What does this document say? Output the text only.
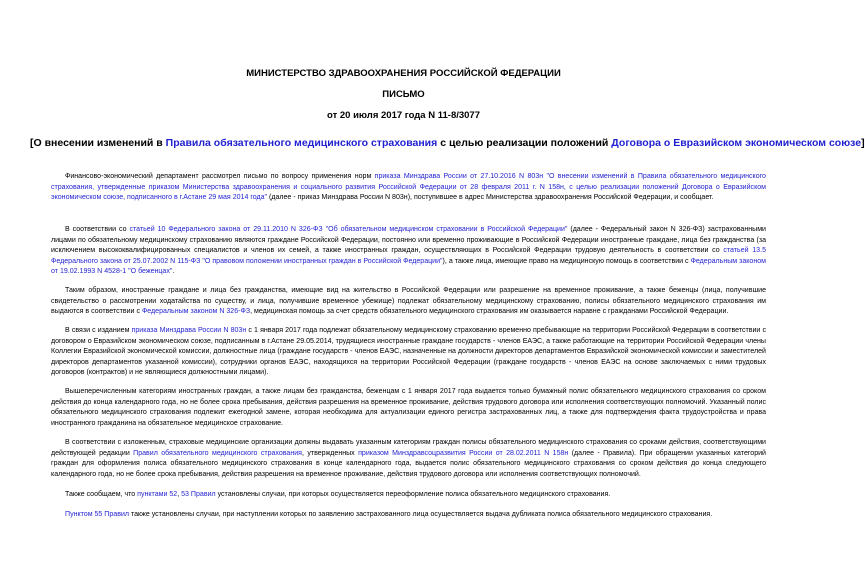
МИНИСТЕРСТВО ЗДРАВООХРАНЕНИЯ РОССИЙСКОЙ ФЕДЕРАЦИИ
ПИСЬМО
от 20 июля 2017 года N 11-8/3077
[О внесении изменений в Правила обязательного медицинского страхования с целью реализации положений Договора о Евразийском экономическом союзе]
Финансово-экономический департамент рассмотрел письмо по вопросу применения норм приказа Минздрава России от 27.10.2016 N 803н "О внесении изменений в Правила обязательного медицинского страхования, утвержденные приказом Министерства здравоохранения и социального развития Российской Федерации от 28 февраля 2011 г. N 158н, с целью реализации положений Договора о Евразийском экономическом союзе, подписанного в г.Астане 29 мая 2014 года" (далее - приказ Минздрава России N 803н), поступившее в адрес Министерства здравоохранения Российской Федерации, и сообщает.
В соответствии со статьей 10 Федерального закона от 29.11.2010 N 326-ФЗ "Об обязательном медицинском страховании в Российской Федерации" (далее - Федеральный закон N 326-ФЗ) застрахованными лицами по обязательному медицинскому страхованию являются граждане Российской Федерации, постоянно или временно проживающие в Российской Федерации иностранные граждане, лица без гражданства (за исключением высококвалифицированных специалистов и членов их семей, а также иностранных граждан, осуществляющих в Российской Федерации трудовую деятельность в соответствии со статьей 13.5 Федерального закона от 25.07.2002 N 115-ФЗ "О правовом положении иностранных граждан в Российской Федерации"), а также лица, имеющие право на медицинскую помощь в соответствии с Федеральным законом от 19.02.1993 N 4528-1 "О беженцах".
Таким образом, иностранные граждане и лица без гражданства, имеющие вид на жительство в Российской Федерации или разрешение на временное проживание, а также беженцы (лица, получившие свидетельство о рассмотрении ходатайства по существу, и лица, получившие временное убежище) подлежат обязательному медицинскому страхованию, полисы обязательного медицинского страхования им выдаются в соответствии с Федеральным законом N 326-ФЗ, медицинская помощь за счет средств обязательного медицинского страхования им оказывается наравне с гражданами Российской Федерации.
В связи с изданием приказа Минздрава России N 803н с 1 января 2017 года подлежат обязательному медицинскому страхованию временно пребывающие на территории Российской Федерации в соответствии с договором о Евразийском экономическом союзе, подписанным в г.Астане 29.05.2014, трудящиеся иностранные граждане государств - членов ЕАЭС, а также работающие на территории Российской Федерации члены Коллегии Евразийской экономической комиссии, должностные лица (граждане государств - членов ЕАЭС, назначенные на должности директоров департаментов Евразийской экономической комиссии и заместителей директоров департаментов указанной комиссии), сотрудники органов ЕАЭС, находящихся на территории Российской Федерации (граждане государств - членов ЕАЭС на основе заключаемых с ними трудовых договоров (контрактов) и не являющиеся должностными лицами).
Вышеперечисленным категориям иностранных граждан, а также лицам без гражданства, беженцам с 1 января 2017 года выдается только бумажный полис обязательного медицинского страхования со сроком действия до конца календарного года, но не более срока пребывания, действия разрешения на временное проживание, действия трудового договора или исполнения соответствующих полномочий. Указанный полис обязательного медицинского страхования подлежит ежегодной замене, которая необходима для актуализации единого регистра застрахованных лиц, а также для подтверждения факта трудоустройства и права иностранного гражданина на обязательное медицинское страхование.
В соответствии с изложенным, страховые медицинские организации должны выдавать указанным категориям граждан полисы обязательного медицинского страхования со сроками действия, соответствующими действующей редакции Правил обязательного медицинского страхования, утвержденных приказом Минздравсоцразвития России от 28.02.2011 N 158н (далее - Правила). При обращении указанных категорий граждан для оформления полиса обязательного медицинского страхования в конце календарного года, выдается полис обязательного медицинского страхования со сроком действия до конца следующего календарного года, но не более срока пребывания, действия разрешения на временное проживание, действия трудового договора или исполнения соответствующих полномочий.
Также сообщаем, что пунктами 52, 53 Правил установлены случаи, при которых осуществляется переоформление полиса обязательного медицинского страхования.
Пунктом 55 Правил также установлены случаи, при наступлении которых по заявлению застрахованного лица осуществляется выдача дубликата полиса обязательного медицинского страхования.
